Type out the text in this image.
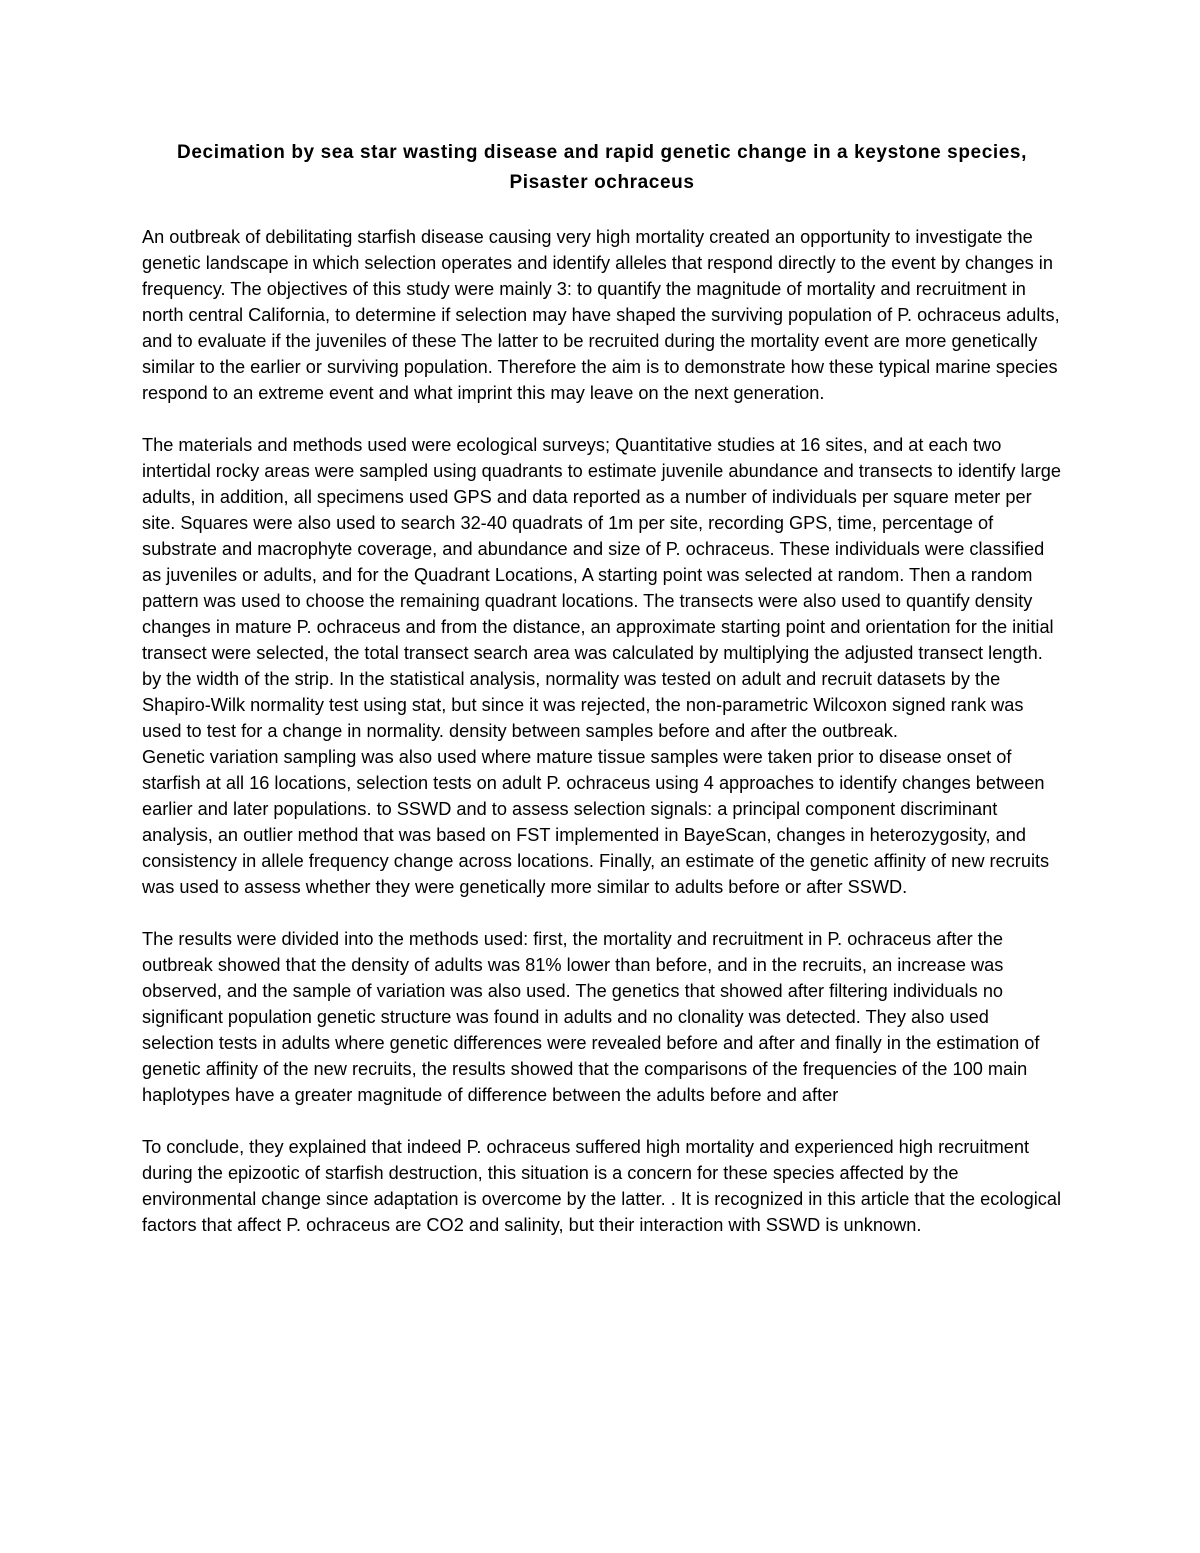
Decimation by sea star wasting disease and rapid genetic change in a keystone species,
Pisaster ochraceus

An outbreak of debilitating starfish disease causing very high mortality created an opportunity to investigate the genetic landscape in which selection operates and identify alleles that respond directly to the event by changes in frequency. The objectives of this study were mainly 3: to quantify the magnitude of mortality and recruitment in north central California, to determine if selection may have shaped the surviving population of P. ochraceus adults, and to evaluate if the juveniles of these The latter to be recruited during the mortality event are more genetically similar to the earlier or surviving population. Therefore the aim is to demonstrate how these typical marine species respond to an extreme event and what imprint this may leave on the next generation.

The materials and methods used were ecological surveys; Quantitative studies at 16 sites, and at each two intertidal rocky areas were sampled using quadrants to estimate juvenile abundance and transects to identify large adults, in addition, all specimens used GPS and data reported as a number of individuals per square meter per site. Squares were also used to search 32-40 quadrats of 1m per site, recording GPS, time, percentage of substrate and macrophyte coverage, and abundance and size of P. ochraceus. These individuals were classified as juveniles or adults, and for the Quadrant Locations, A starting point was selected at random. Then a random pattern was used to choose the remaining quadrant locations. The transects were also used to quantify density changes in mature P. ochraceus and from the distance, an approximate starting point and orientation for the initial transect were selected, the total transect search area was calculated by multiplying the adjusted transect length. by the width of the strip. In the statistical analysis, normality was tested on adult and recruit datasets by the Shapiro-Wilk normality test using stat, but since it was rejected, the non-parametric Wilcoxon signed rank was used to test for a change in normality. density between samples before and after the outbreak.

Genetic variation sampling was also used where mature tissue samples were taken prior to disease onset of starfish at all 16 locations, selection tests on adult P. ochraceus using 4 approaches to identify changes between earlier and later populations. to SSWD and to assess selection signals: a principal component discriminant analysis, an outlier method that was based on FST implemented in BayeScan, changes in heterozygosity, and consistency in allele frequency change across locations. Finally, an estimate of the genetic affinity of new recruits was used to assess whether they were genetically more similar to adults before or after SSWD.

The results were divided into the methods used: first, the mortality and recruitment in P. ochraceus after the outbreak showed that the density of adults was 81% lower than before, and in the recruits, an increase was observed, and the sample of variation was also used. The genetics that showed after filtering individuals no significant population genetic structure was found in adults and no clonality was detected. They also used selection tests in adults where genetic differences were revealed before and after and finally in the estimation of genetic affinity of the new recruits, the results showed that the comparisons of the frequencies of the 100 main haplotypes have a greater magnitude of difference between the adults before and after

To conclude, they explained that indeed P. ochraceus suffered high mortality and experienced high recruitment during the epizootic of starfish destruction, this situation is a concern for these species affected by the environmental change since adaptation is overcome by the latter. . It is recognized in this article that the ecological factors that affect P. ochraceus are CO2 and salinity, but their interaction with SSWD is unknown.
